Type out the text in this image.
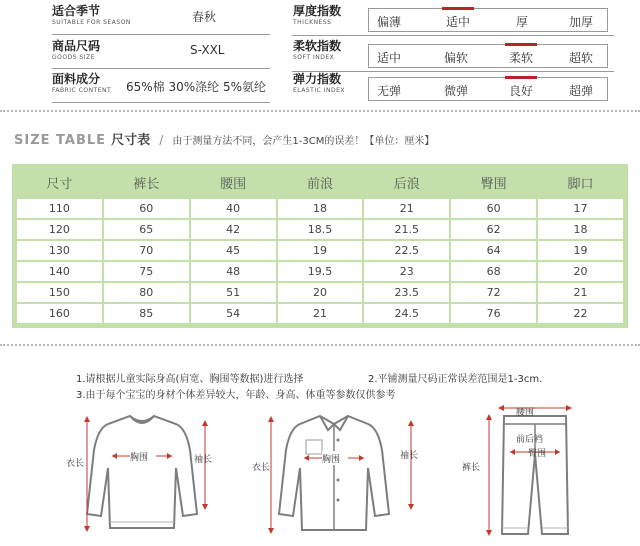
适合季节
SUITABLE FOR SEASON	春秋
商品尺码
GOODS SIZE
S-XXL
面料成分
FABRIC CONTENT 65%棉 30%涤纶 5%氨纶
厚度指数
THICKNESS	偏薄	适中	厚	加厚
柔软指数
SOFT INDEX	适中	偏软	柔软	超软
弹力指数
ELASTIC INDEX	无弹	微弹	良好	超弹
SIZE TABLE 尺寸表 / 由于测量方法不同，会产生1-3CM的误差！【单位：厘米】
尺寸	裤长	腰围	前浪	后浪	臀围	脚口
110	60	40	18	21	60	17
120	65	42	18.5	21.5	62	18
130	70	45	19	22.5	64	19
140	75	48	19.5	23	68	20
150	80	51	20	23.5	72	21
160	85	54	21	24.5	76	22
1.请根据儿童实际身高(肩宽、胸围等数据)进行选择	2.平铺测量尺码正常误差范围是1-3cm.
3.由于每个宝宝的身材个体差异较大，年龄、身高、体重等参数仅供参考
胸围
衣长	袖长	胸围
衣长
袖长
腰围
前后裆
臀围
裤长
